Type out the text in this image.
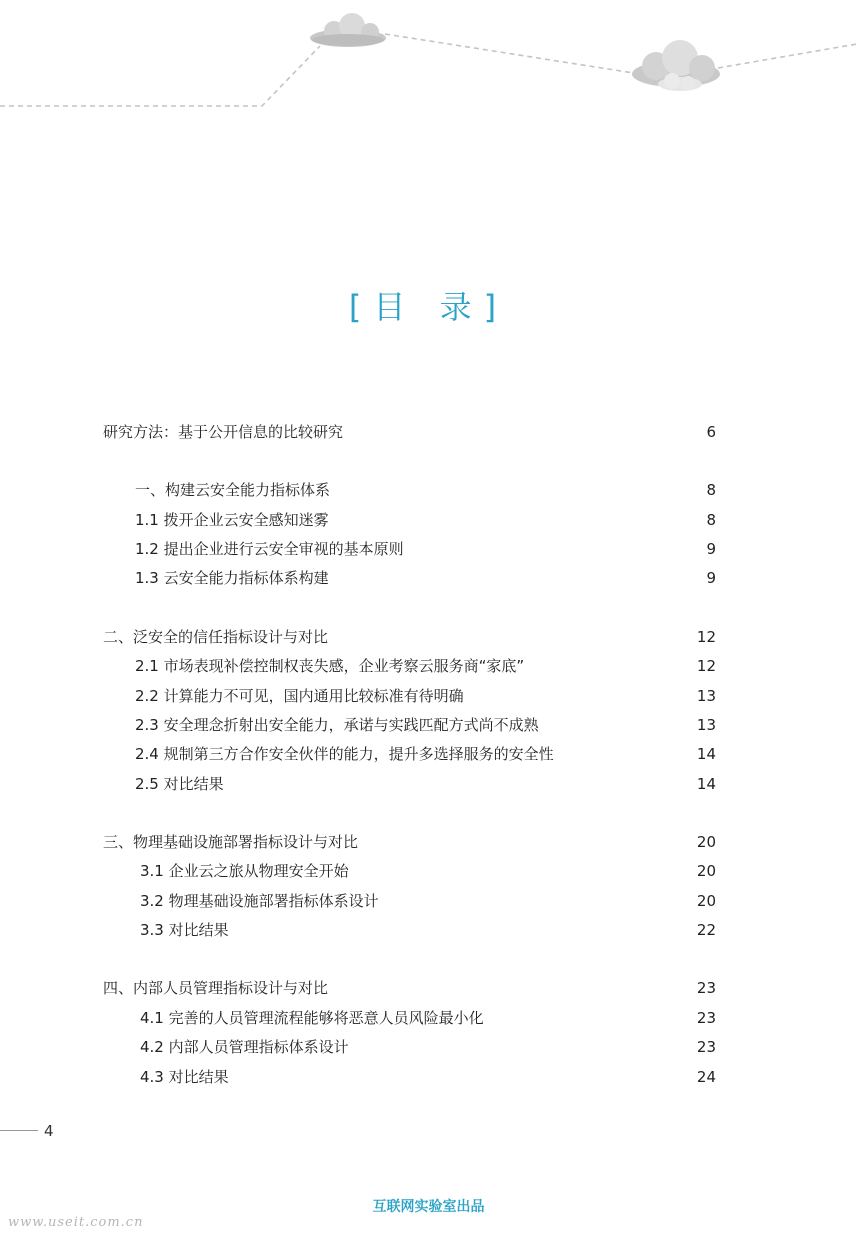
[目 录]
研究方法：基于公开信息的比较研究	6
一、构建云安全能力指标体系	8
1.1 拨开企业云安全感知迷雾	8
1.2 提出企业进行云安全审视的基本原则	9
1.3 云安全能力指标体系构建	9
二、泛安全的信任指标设计与对比	12
2.1 市场表现补偿控制权丧失感，企业考察云服务商“家底”	12
2.2 计算能力不可见，国内通用比较标准有待明确	13
2.3 安全理念折射出安全能力，承诺与实践匹配方式尚不成熟	13
2.4 规制第三方合作安全伙伴的能力，提升多选择服务的安全性	14
2.5 对比结果	14
三、物理基础设施部署指标设计与对比	20
3.1 企业云之旅从物理安全开始	20
3.2 物理基础设施部署指标体系设计	20
3.3 对比结果	22
四、内部人员管理指标设计与对比	23
4.1 完善的人员管理流程能够将恶意人员风险最小化	23
4.2 内部人员管理指标体系设计	23
4.3 对比结果	24
4
互联网实验室出品
www.useit.com.cn
